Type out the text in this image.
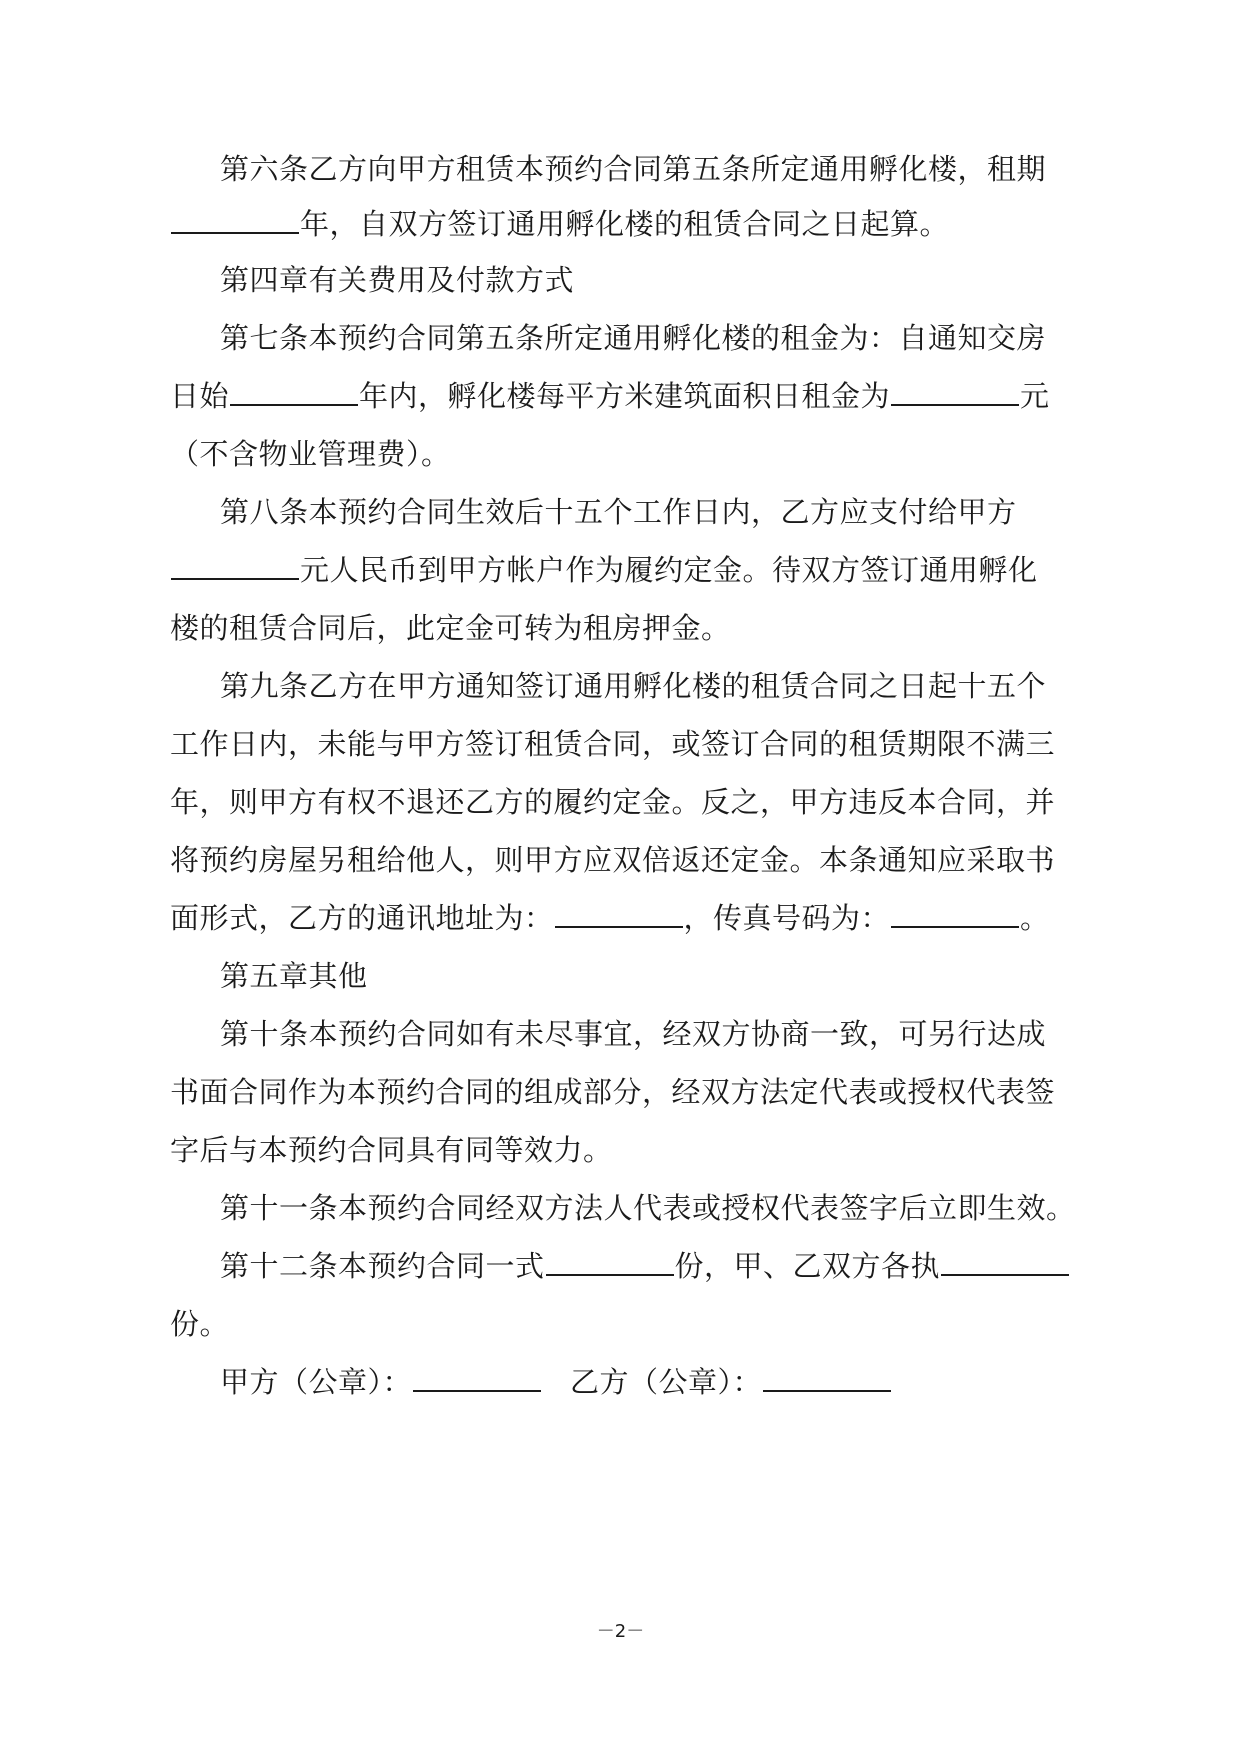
第六条乙方向甲方租赁本预约合同第五条所定通用孵化楼，租期
年，自双方签订通用孵化楼的租赁合同之日起算。
第四章有关费用及付款方式
第七条本预约合同第五条所定通用孵化楼的租金为：自通知交房
日始	年内，孵化楼每平方米建筑面积日租金为	元
（不含物业管理费）。
第八条本预约合同生效后十五个工作日内，乙方应支付给甲方
元人民币到甲方帐户作为履约定金。待双方签订通用孵化
楼的租赁合同后，此定金可转为租房押金。
第九条乙方在甲方通知签订通用孵化楼的租赁合同之日起十五个
工作日内，未能与甲方签订租赁合同，或签订合同的租赁期限不满三
年，则甲方有权不退还乙方的履约定金。反之，甲方违反本合同，并
将预约房屋另租给他人，则甲方应双倍返还定金。本条通知应采取书
面形式，乙方的通讯地址为：	，传真号码为：	。
第五章其他
第十条本预约合同如有未尽事宜，经双方协商一致，可另行达成
书面合同作为本预约合同的组成部分，经双方法定代表或授权代表签
字后与本预约合同具有同等效力。
第十一条本预约合同经双方法人代表或授权代表签字后立即生效。
第十二条本预约合同一式	份，甲、乙双方各执
份。
甲方（公章）：	乙方（公章）：
－2－
